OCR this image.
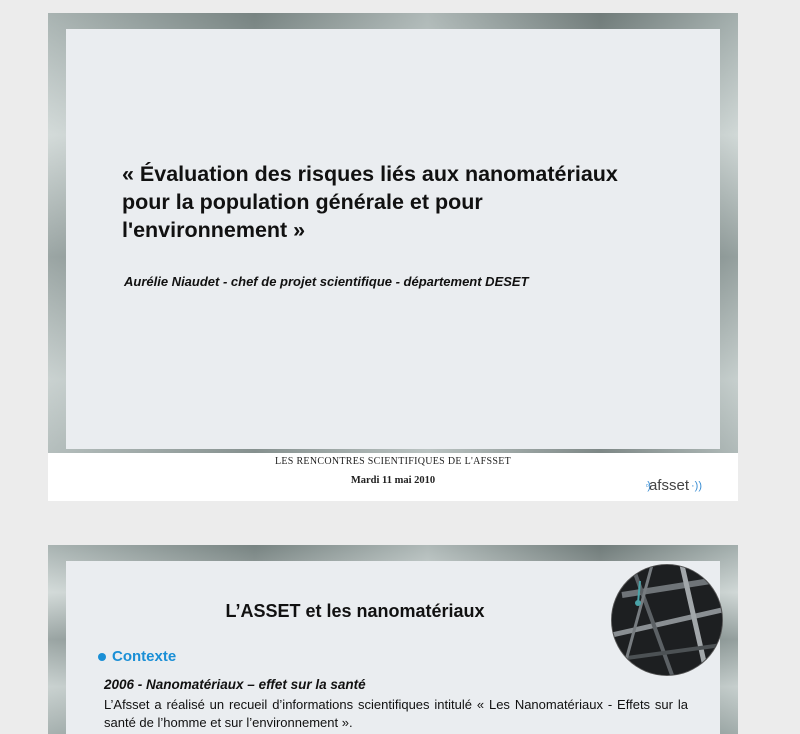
« Évaluation des risques liés aux nanomatériaux
pour la population générale et pour
l'environnement »
Aurélie Niaudet - chef de projet scientifique - département DESET
LES RENCONTRES SCIENTIFIQUES DE L'AFSSET
Mardi 11 mai 2010	◦) afsset ·))
L’ASSET et les nanomatériaux
Contexte
2006 - Nanomatériaux – effet sur la santé
L’Afsset a réalisé un recueil d’informations scientifiques intitulé « Les Nanomatériaux - Effets sur la santé de l’homme et sur l’environnement ».
